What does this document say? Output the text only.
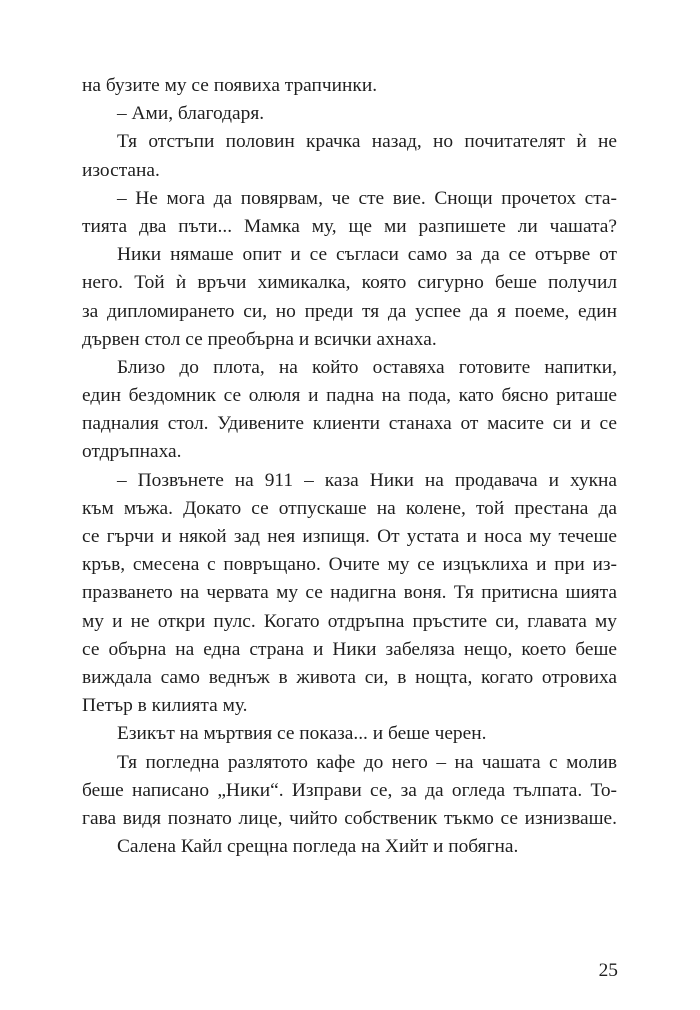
на бузите му се появиха трапчинки.
– Ами, благодаря.
Тя отстъпи половин крачка назад, но почитателят ѝ не
изостана.
– Не мога да повярвам, че сте вие. Снощи прочетох ста-
тията два пъти... Мамка му, ще ми разпишете ли чашата?
Ники нямаше опит и се съгласи само за да се отърве от
него. Той ѝ връчи химикалка, която сигурно беше получил
за дипломирането си, но преди тя да успее да я поеме, един
дървен стол се преобърна и всички ахнаха.
Близо до плота, на който оставяха готовите напитки,
един бездомник се олюля и падна на пода, като бясно риташе
падналия стол. Удивените клиенти станаха от масите си и се
отдръпнаха.
– Позвънете на 911 – каза Ники на продавача и хукна
към мъжа. Докато се отпускаше на колене, той престана да
се гърчи и някой зад нея изпищя. От устата и носа му течеше
кръв, смесена с повръщано. Очите му се изцъклиха и при из-
празването на червата му се надигна воня. Тя притисна шията
му и не откри пулс. Когато отдръпна пръстите си, главата му
се обърна на една страна и Ники забеляза нещо, което беше
виждала само веднъж в живота си, в нощта, когато отровиха
Петър в килията му.
Езикът на мъртвия се показа... и беше черен.
Тя погледна разлятото кафе до него – на чашата с молив
беше написано „Ники“. Изправи се, за да огледа тълпата. То-
гава видя познато лице, чийто собственик тъкмо се изнизваше.
Салена Кайл срещна погледа на Хийт и побягна.
25
